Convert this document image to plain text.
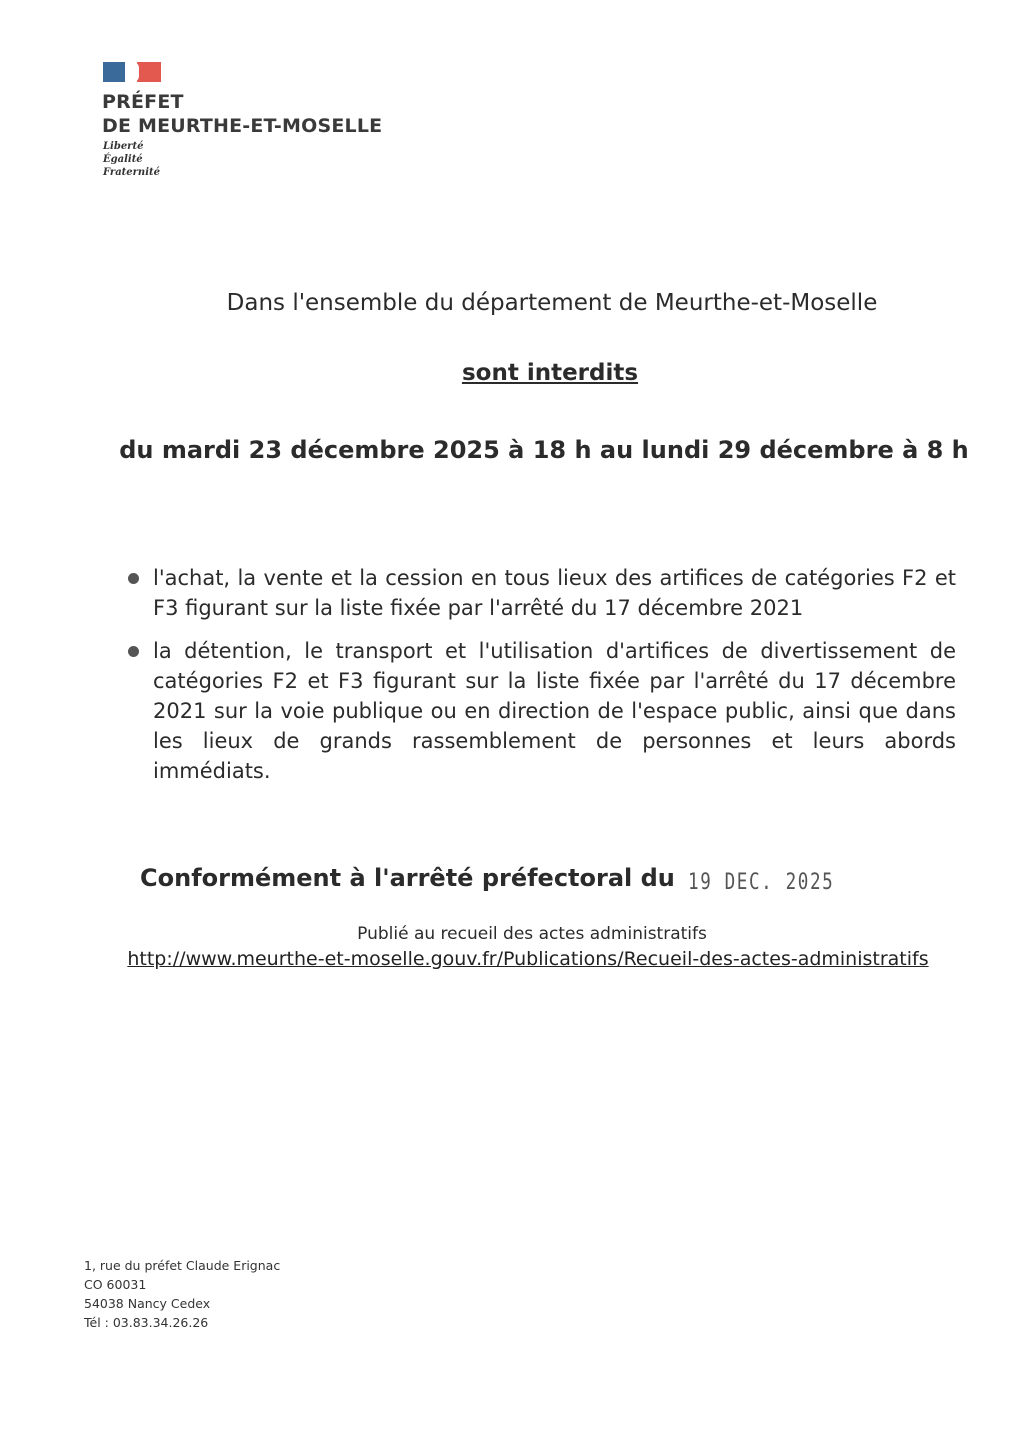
PRÉFET
DE MEURTHE-ET-MOSELLE
Liberté
Égalité
Fraternité
Dans l'ensemble du département de Meurthe-et-Moselle
sont interdits
du mardi 23 décembre 2025 à 18 h au lundi 29 décembre à 8 h
l'achat, la vente et la cession en tous lieux des artifices de catégories F2 et F3 figurant sur la liste fixée par l'arrêté du 17 décembre 2021
la détention, le transport et l'utilisation d'artifices de divertissement de catégories F2 et F3 figurant sur la liste fixée par l'arrêté du 17 décembre 2021 sur la voie publique ou en direction de l'espace public, ainsi que dans les lieux de grands rassemblement de personnes et leurs abords immédiats.
Conformément à l'arrêté préfectoral du 19 DEC. 2025
Publié au recueil des actes administratifs
http://www.meurthe-et-moselle.gouv.fr/Publications/Recueil-des-actes-administratifs
1, rue du préfet Claude Erignac
CO 60031
54038 Nancy Cedex
Tél : 03.83.34.26.26
